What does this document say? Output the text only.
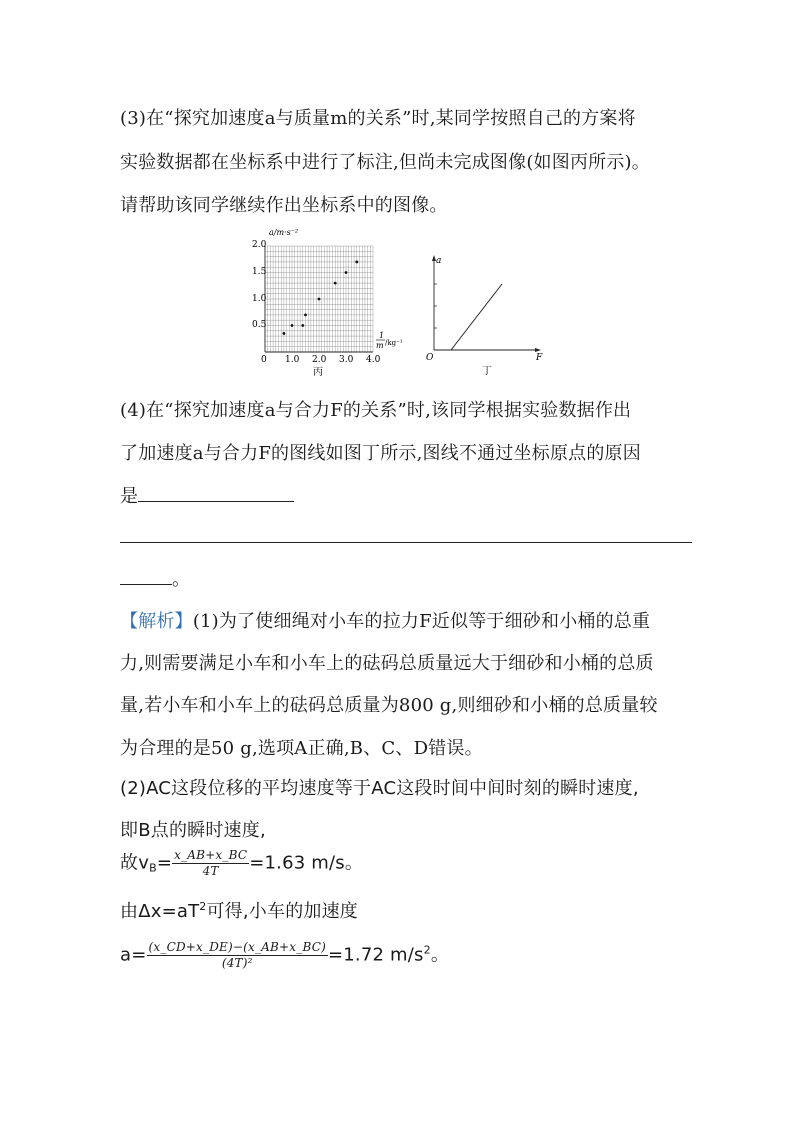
(3)在“探究加速度a与质量m的关系”时,某同学按照自己的方案将
实验数据都在坐标系中进行了标注,但尚未完成图像(如图丙所示)。
请帮助该同学继续作出坐标系中的图像。
a/m·s⁻²
2.0
1.5
1.0
0.5
0 1.0 2.0 3.0 4.0
1
m /kg⁻¹
丙
a
F
O
丁
(4)在“探究加速度a与合力F的关系”时,该同学根据实验数据作出
了加速度a与合力F的图线如图丁所示,图线不通过坐标原点的原因
是
。
【解析】(1)为了使细绳对小车的拉力F近似等于细砂和小桶的总重
力,则需要满足小车和小车上的砝码总质量远大于细砂和小桶的总质
量,若小车和小车上的砝码总质量为800 g,则细砂和小桶的总质量较
为合理的是50 g,选项A正确,B、C、D错误。
(2)AC这段位移的平均速度等于AC这段时间中间时刻的瞬时速度,
即B点的瞬时速度,
故$v_B= \frac{x\_AB+x\_BC}{4T} =1.63$ m/s。
由$\Delta x=aT^2$可得,小车的加速度
$a= \frac{(x\_CD+x\_DE)-(x\_AB+x\_BC)}{\text{(4T)²}} =1.72$ $m/s^2$。
